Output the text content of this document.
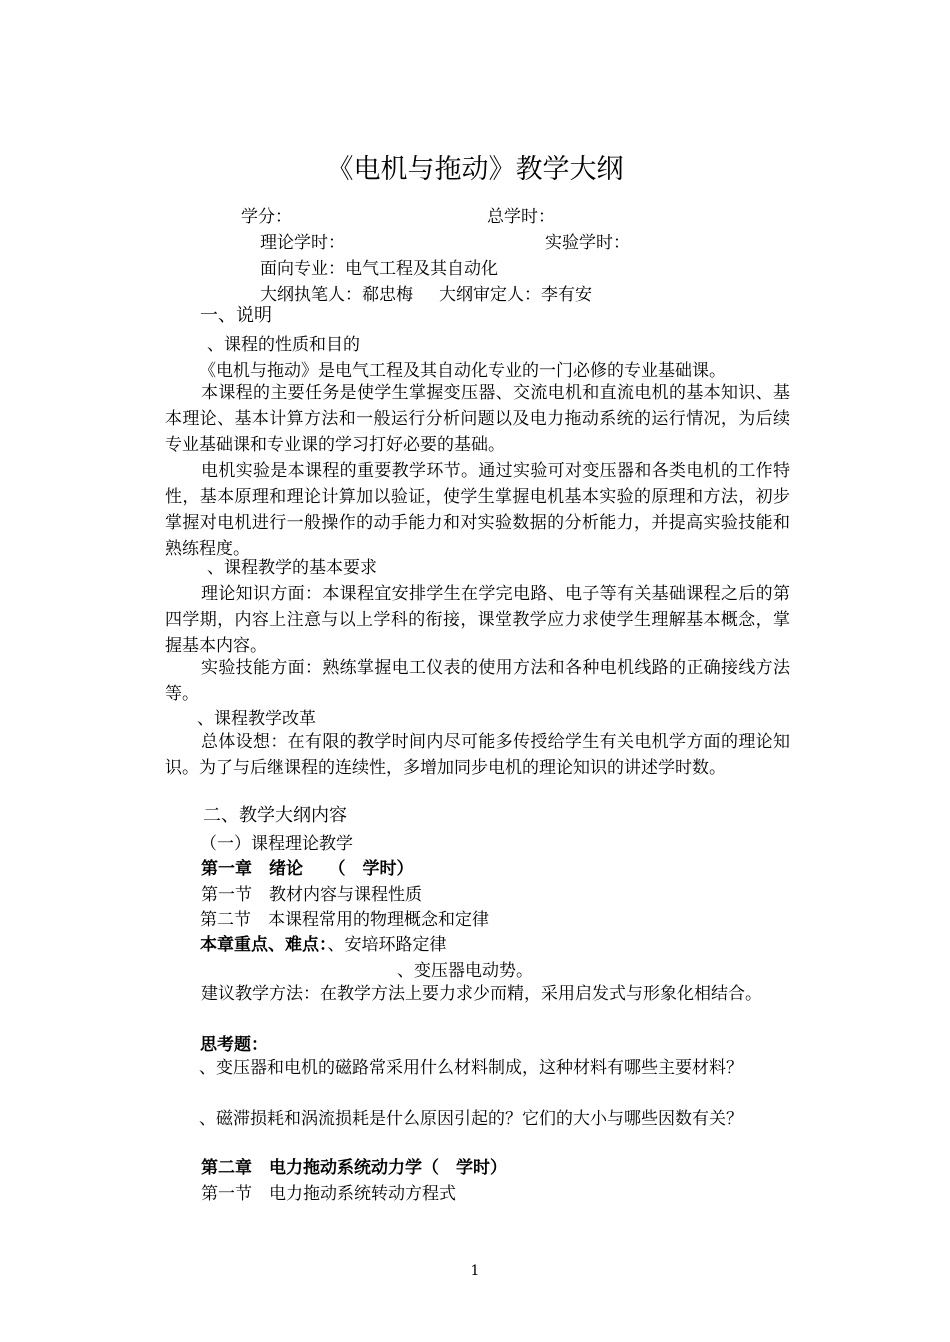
《电机与拖动》教学大纲
学分：	总学时：
理论学时：	实验学时：
面向专业：电气工程及其自动化
大纲执笔人：郗忠梅 大纲审定人：李有安
一、说明
、课程的性质和目的
《电机与拖动》是电气工程及其自动化专业的一门必修的专业基础课。
本课程的主要任务是使学生掌握变压器、交流电机和直流电机的基本知识、基本理论、基本计算方法和一般运行分析问题以及电力拖动系统的运行情况，为后续专业基础课和专业课的学习打好必要的基础。
电机实验是本课程的重要教学环节。通过实验可对变压器和各类电机的工作特性，基本原理和理论计算加以验证，使学生掌握电机基本实验的原理和方法，初步掌握对电机进行一般操作的动手能力和对实验数据的分析能力，并提高实验技能和熟练程度。
、课程教学的基本要求
理论知识方面：本课程宜安排学生在学完电路、电子等有关基础课程之后的第四学期，内容上注意与以上学科的衔接，课堂教学应力求使学生理解基本概念，掌握基本内容。
实验技能方面：熟练掌握电工仪表的使用方法和各种电机线路的正确接线方法等。
、课程教学改革
总体设想：在有限的教学时间内尽可能多传授给学生有关电机学方面的理论知识。为了与后继课程的连续性，多增加同步电机的理论知识的讲述学时数。
二、教学大纲内容
（一）课程理论教学
第一章　绪论　　（　学时）
第一节　教材内容与课程性质
第二节　本课程常用的物理概念和定律
本章重点、难点：、安培环路定律
、变压器电动势。
建议教学方法：在教学方法上要力求少而精，采用启发式与形象化相结合。
思考题：
、变压器和电机的磁路常采用什么材料制成，这种材料有哪些主要材料？
、磁滞损耗和涡流损耗是什么原因引起的？它们的大小与哪些因数有关？
第二章　电力拖动系统动力学（　学时）
第一节　电力拖动系统转动方程式
1
